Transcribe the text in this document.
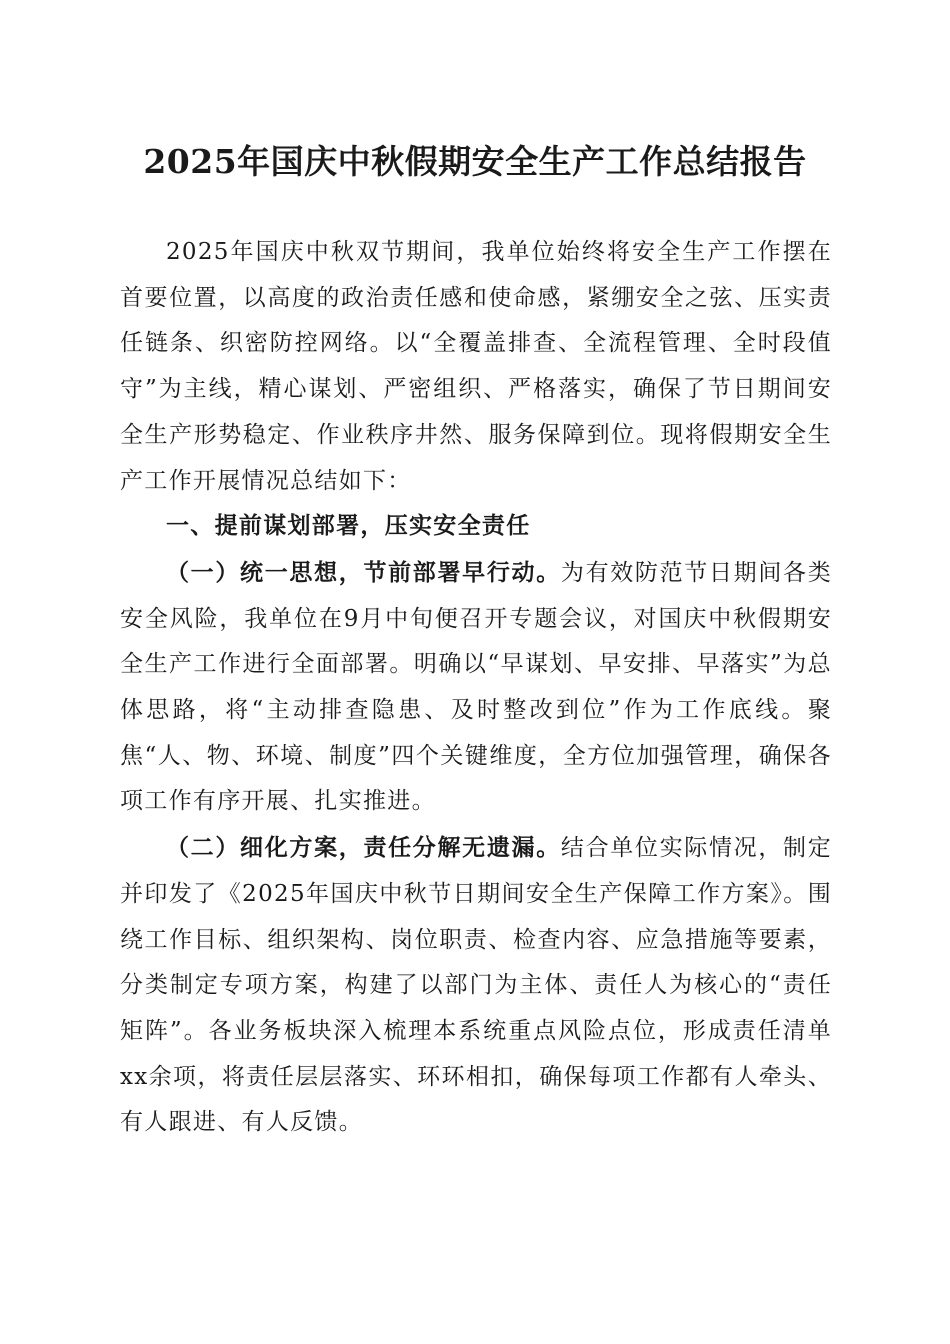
2025年国庆中秋假期安全生产工作总结报告

2025年国庆中秋双节期间，我单位始终将安全生产工作摆在首要位置，以高度的政治责任感和使命感，紧绷安全之弦、压实责任链条、织密防控网络。以“全覆盖排查、全流程管理、全时段值守”为主线，精心谋划、严密组织、严格落实，确保了节日期间安全生产形势稳定、作业秩序井然、服务保障到位。现将假期安全生产工作开展情况总结如下：

一、提前谋划部署，压实安全责任

（一）统一思想，节前部署早行动。为有效防范节日期间各类安全风险，我单位在9月中旬便召开专题会议，对国庆中秋假期安全生产工作进行全面部署。明确以“早谋划、早安排、早落实”为总体思路，将“主动排查隐患、及时整改到位”作为工作底线。聚焦“人、物、环境、制度”四个关键维度，全方位加强管理，确保各项工作有序开展、扎实推进。

（二）细化方案，责任分解无遗漏。结合单位实际情况，制定并印发了《2025年国庆中秋节日期间安全生产保障工作方案》。围绕工作目标、组织架构、岗位职责、检查内容、应急措施等要素，分类制定专项方案，构建了以部门为主体、责任人为核心的“责任矩阵”。各业务板块深入梳理本系统重点风险点位，形成责任清单xx余项，将责任层层落实、环环相扣，确保每项工作都有人牵头、有人跟进、有人反馈。
